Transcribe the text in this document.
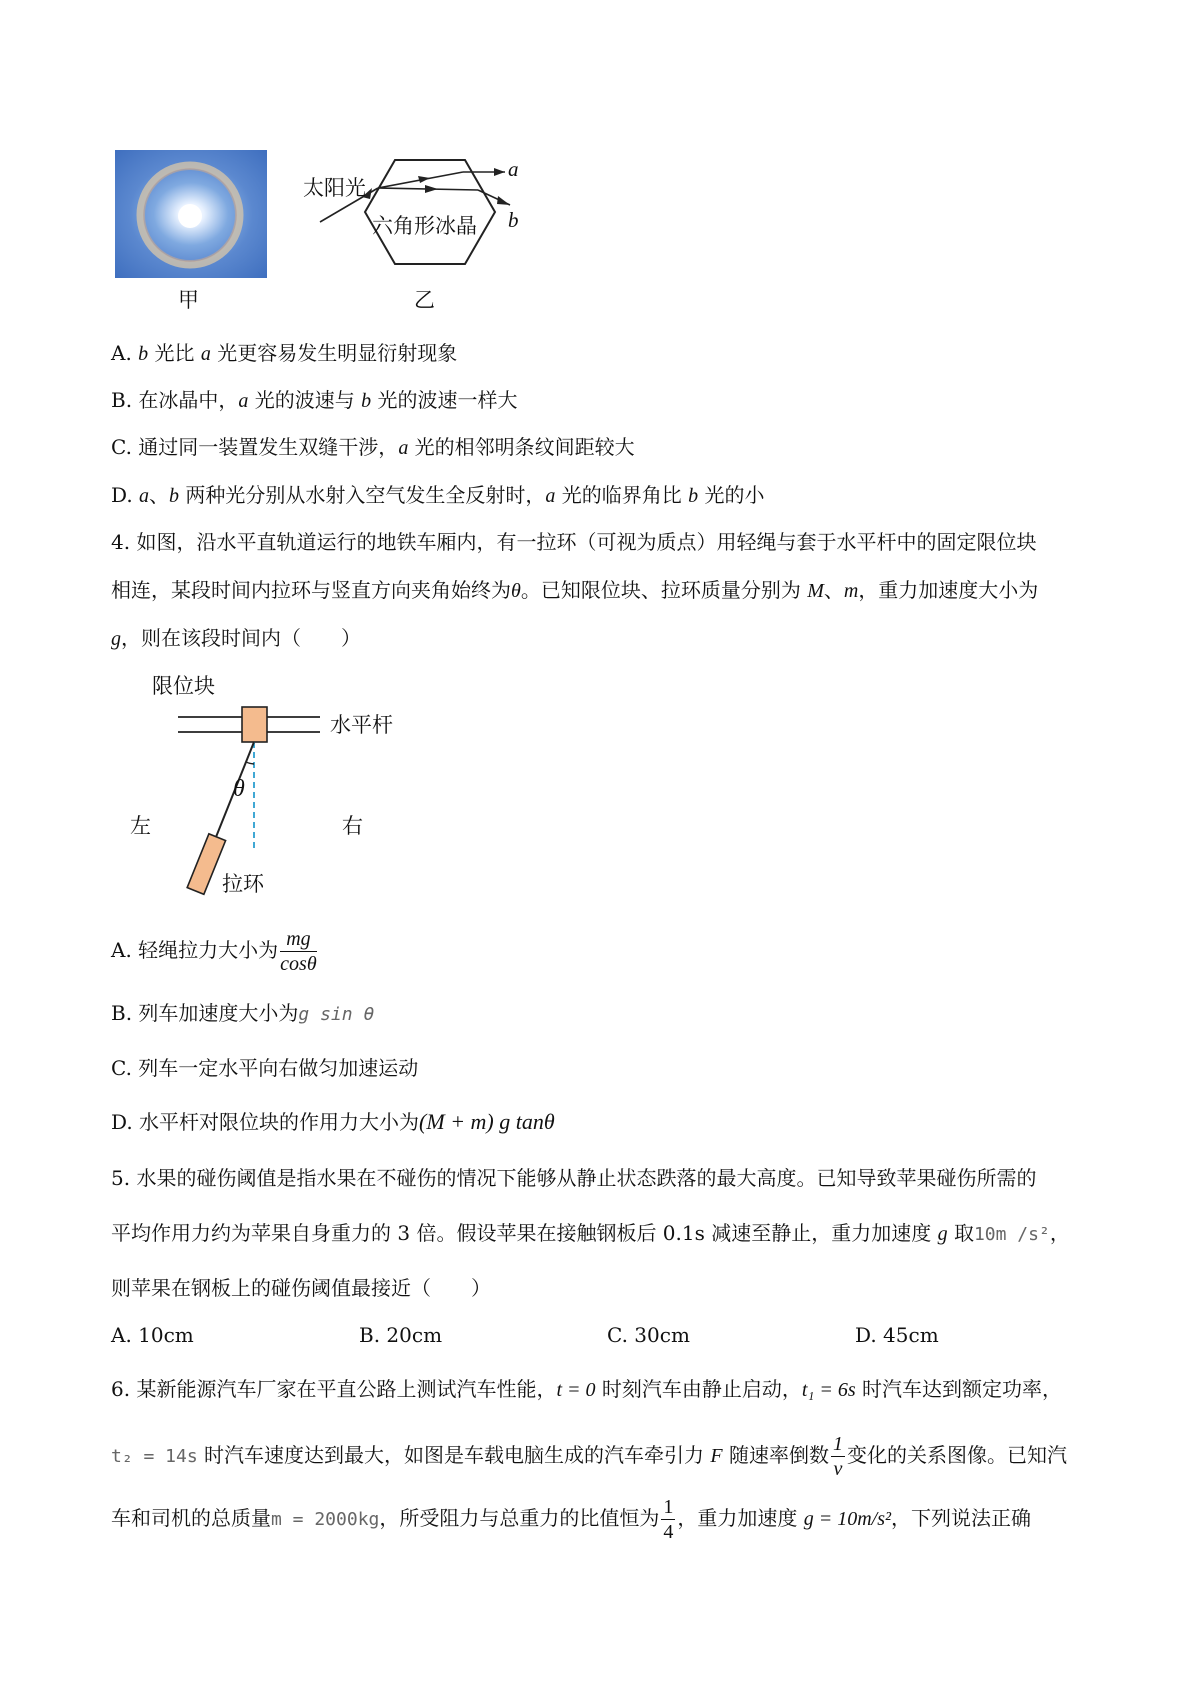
甲
太阳光
六角形冰晶
a
b
乙
A. b 光比 a 光更容易发生明显衍射现象
B. 在冰晶中，a 光的波速与 b 光的波速一样大
C. 通过同一装置发生双缝干涉，a 光的相邻明条纹间距较大
D. a、b 两种光分别从水射入空气发生全反射时，a 光的临界角比 b 光的小
4. 如图，沿水平直轨道运行的地铁车厢内，有一拉环（可视为质点）用轻绳与套于水平杆中的固定限位块
相连，某段时间内拉环与竖直方向夹角始终为θ。已知限位块、拉环质量分别为 M、m，重力加速度大小为
g，则在该段时间内（　　）
限位块
水平杆
θ
左	右
拉环
A. 轻绳拉力大小为 $\frac{mg}{\cos\theta}$
B. 列车加速度大小为g sin θ
C. 列车一定水平向右做匀加速运动
D. 水平杆对限位块的作用力大小为(M + m) g tanθ
5. 水果的碰伤阈值是指水果在不碰伤的情况下能够从静止状态跌落的最大高度。已知导致苹果碰伤所需的
平均作用力约为苹果自身重力的 3 倍。假设苹果在接触钢板后 0.1s 减速至静止，重力加速度 g 取10m /s²，
则苹果在钢板上的碰伤阈值最接近（　　）
A. 10cm	B. 20cm	C. 30cm	D. 45cm
6. 某新能源汽车厂家在平直公路上测试汽车性能，t = 0 时刻汽车由静止启动，t₁ = 6s 时汽车达到额定功率，
t₂ = 14s 时汽车速度达到最大，如图是车载电脑生成的汽车牵引力 F 随速率倒数 $\frac{1}{v}$ 变化的关系图像。已知汽
车和司机的总质量m = 2000kg，所受阻力与总重力的比值恒为 $\frac{1}{4}$ ，重力加速度 g = 10m/s²，下列说法正确
